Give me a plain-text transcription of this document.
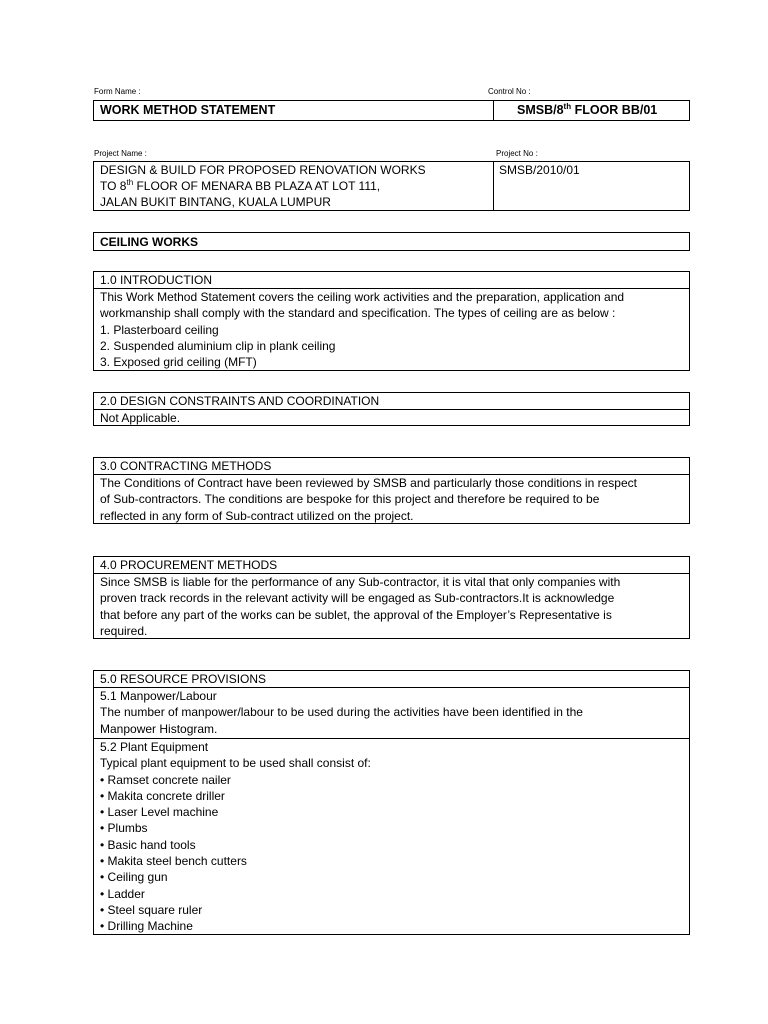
Form Name :	Control No :
WORK METHOD STATEMENT	SMSB/8th FLOOR BB/01
Project Name :	Project No :
DESIGN & BUILD FOR PROPOSED RENOVATION WORKS
TO 8th FLOOR OF MENARA BB PLAZA AT LOT 111,
JALAN BUKIT BINTANG, KUALA LUMPUR
SMSB/2010/01
CEILING WORKS
1.0 INTRODUCTION
This Work Method Statement covers the ceiling work activities and the preparation, application and
workmanship shall comply with the standard and specification. The types of ceiling are as below :
1. Plasterboard ceiling
2. Suspended aluminium clip in plank ceiling
3. Exposed grid ceiling (MFT)
2.0 DESIGN CONSTRAINTS AND COORDINATION
Not Applicable.
3.0 CONTRACTING METHODS
The Conditions of Contract have been reviewed by SMSB and particularly those conditions in respect
of Sub-contractors. The conditions are bespoke for this project and therefore be required to be
reflected in any form of Sub-contract utilized on the project.
4.0 PROCUREMENT METHODS
Since SMSB is liable for the performance of any Sub-contractor, it is vital that only companies with
proven track records in the relevant activity will be engaged as Sub-contractors.It is acknowledge
that before any part of the works can be sublet, the approval of the Employer’s Representative is
required.
5.0 RESOURCE PROVISIONS
5.1 Manpower/Labour
The number of manpower/labour to be used during the activities have been identified in the
Manpower Histogram.
5.2 Plant Equipment
Typical plant equipment to be used shall consist of:
• Ramset concrete nailer
• Makita concrete driller
• Laser Level machine
• Plumbs
• Basic hand tools
• Makita steel bench cutters
• Ceiling gun
• Ladder
• Steel square ruler
• Drilling Machine
